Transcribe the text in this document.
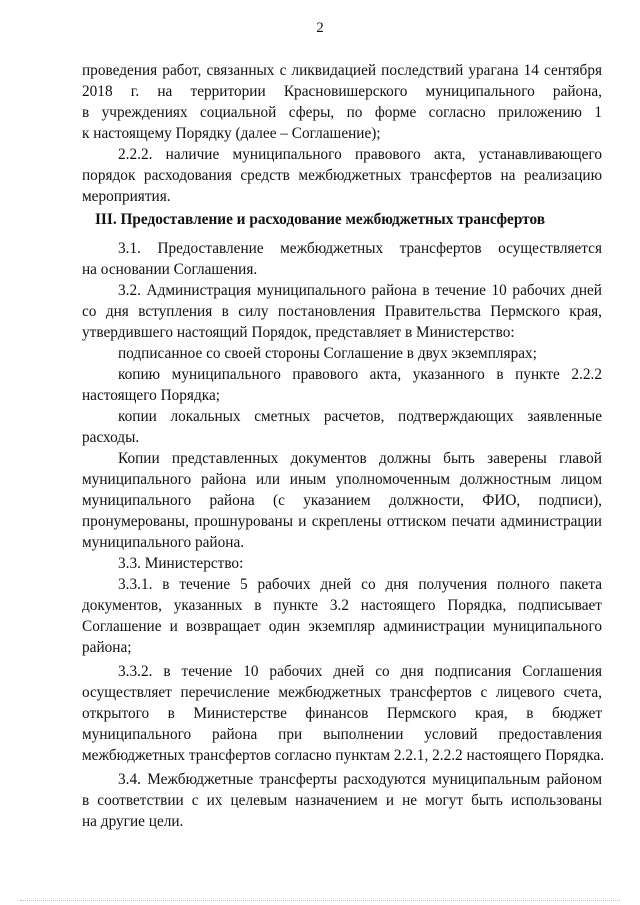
2
проведения работ, связанных с ликвидацией последствий урагана 14 сентября
2018 г. на территории Красновишерского муниципального района,
в учреждениях социальной сферы, по форме согласно приложению 1
к настоящему Порядку (далее – Соглашение);
2.2.2. наличие муниципального правового акта, устанавливающего
порядок расходования средств межбюджетных трансфертов на реализацию
мероприятия.
III. Предоставление и расходование межбюджетных трансфертов
3.1. Предоставление межбюджетных трансфертов осуществляется
на основании Соглашения.
3.2. Администрация муниципального района в течение 10 рабочих дней
со дня вступления в силу постановления Правительства Пермского края,
утвердившего настоящий Порядок, представляет в Министерство:
подписанное со своей стороны Соглашение в двух экземплярах;
копию муниципального правового акта, указанного в пункте 2.2.2
настоящего Порядка;
копии локальных сметных расчетов, подтверждающих заявленные
расходы.
Копии представленных документов должны быть заверены главой
муниципального района или иным уполномоченным должностным лицом
муниципального района (с указанием должности, ФИО, подписи),
пронумерованы, прошнурованы и скреплены оттиском печати администрации
муниципального района.
3.3. Министерство:
3.3.1. в течение 5 рабочих дней со дня получения полного пакета
документов, указанных в пункте 3.2 настоящего Порядка, подписывает
Соглашение и возвращает один экземпляр администрации муниципального
района;
3.3.2. в течение 10 рабочих дней со дня подписания Соглашения
осуществляет перечисление межбюджетных трансфертов с лицевого счета,
открытого в Министерстве финансов Пермского края, в бюджет
муниципального района при выполнении условий предоставления
межбюджетных трансфертов согласно пунктам 2.2.1, 2.2.2 настоящего Порядка.
3.4. Межбюджетные трансферты расходуются муниципальным районом
в соответствии с их целевым назначением и не могут быть использованы
на другие цели.
